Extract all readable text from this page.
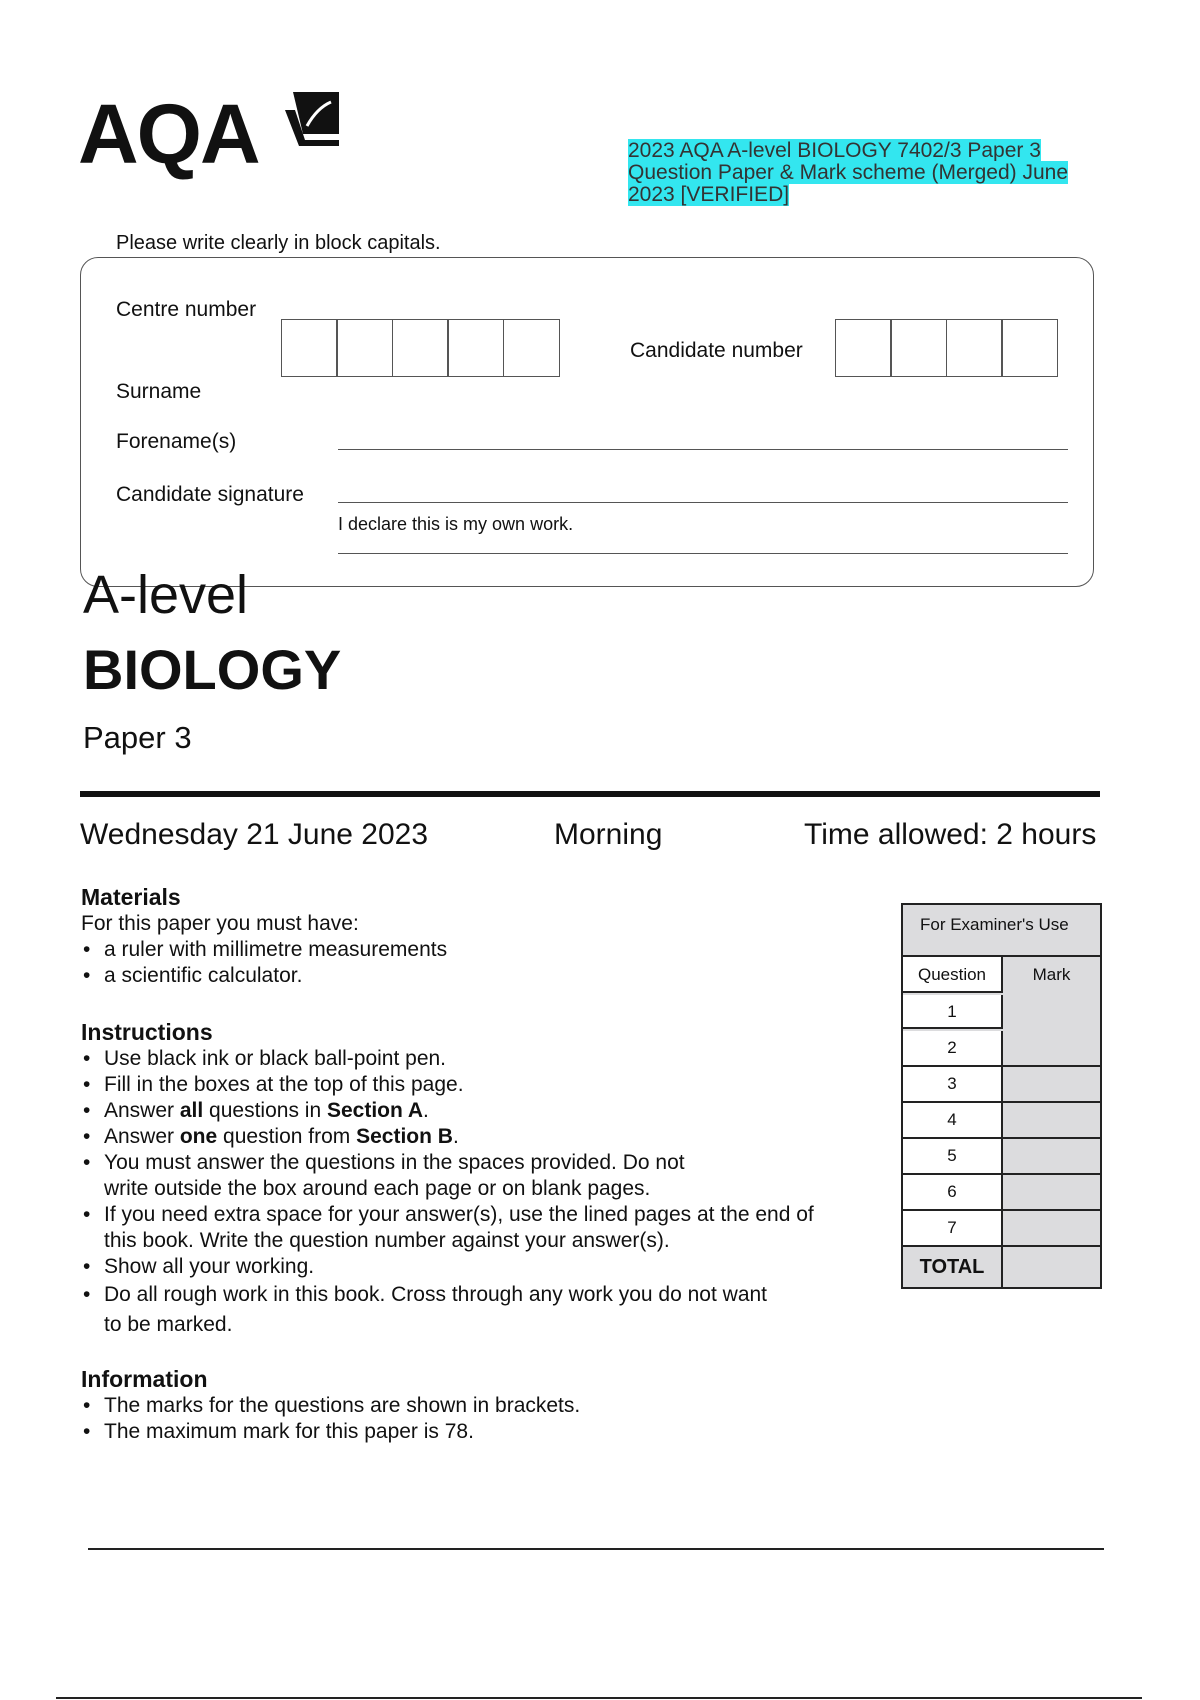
AQA	2023 AQA A-level BIOLOGY 7402/3 Paper 3 Question Paper & Mark scheme (Merged) June 2023 [VERIFIED]
Please write clearly in block capitals.
Centre number
Candidate number
Surname
Forename(s)
Candidate signature
I declare this is my own work.
A-level
BIOLOGY
Paper 3
Wednesday 21 June 2023	Morning	Time allowed: 2 hours
Materials
For this paper you must have:
• a ruler with millimetre measurements
• a scientific calculator.
Instructions
• Use black ink or black ball-point pen.
• Fill in the boxes at the top of this page.
• Answer all questions in Section A.
• Answer one question from Section B.
• You must answer the questions in the spaces provided. Do not
write outside the box around each page or on blank pages.
• If you need extra space for your answer(s), use the lined pages at the end of
this book. Write the question number against your answer(s).
• Show all your working.
• Do all rough work in this book. Cross through any work you do not want
to be marked.
Information
• The marks for the questions are shown in brackets.
• The maximum mark for this paper is 78.
For Examiner's Use
Question	Mark
1
2
3
4
5
6
7
TOTAL
